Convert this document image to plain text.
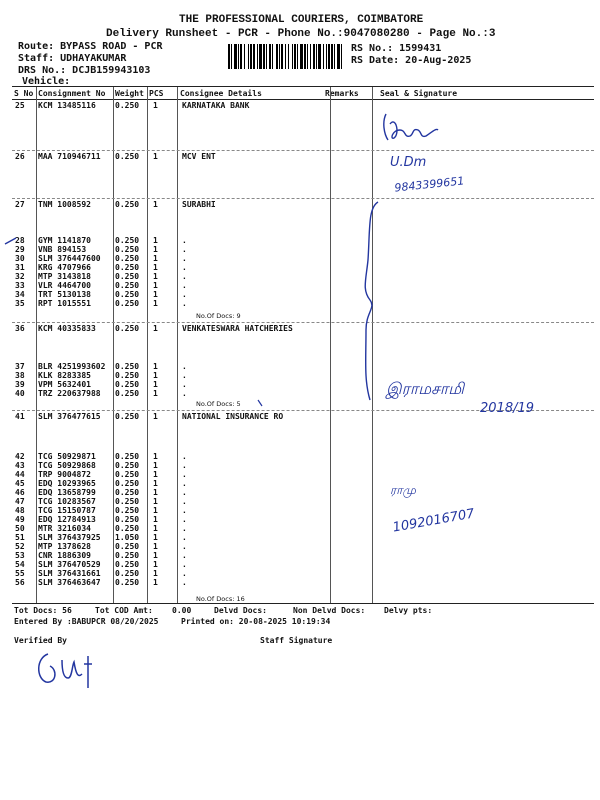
THE PROFESSIONAL COURIERS, COIMBATORE
Delivery Runsheet - PCR - Phone No.:9047080280 - Page No.:3
Route: BYPASS ROAD - PCR
Staff: UDHAYAKUMAR
DRS No.: DCJB159943103
Vehicle:
RS No.: 1599431
RS Date: 20-Aug-2025
S No Consignment No Weight PCS Consignee Details	Remarks	Seal & Signature
25 KCM 13485116 0.250 1	KARNATAKA BANK
26 MAA 710946711 0.250 1	MCV ENT
27 TNM 1008592	0.250 1	SURABHI
28 GYM 1141870	0.250 1	.
29 VNB 894153	0.250 1	.
30 SLM 376447600 0.250 1	.
31 KRG 4707966	0.250 1	.
32 MTP 3143818	0.250 1	.
33 VLR 4464700	0.250 1	.
34 TRT 5130138	0.250 1	.
35 RPT 1015551	0.250 1	.
36 KCM 40335833 0.250 1	VENKATESWARA HATCHERIES
37 BLR 4251993602 0.250 1	.
38 KLK 8283385	0.250 1	.
39 VPM 5632401	0.250 1	.
40 TRZ 220637988 0.250 1	.
41 SLM 376477615 0.250 1	NATIONAL INSURANCE RO
42 TCG 50929871 0.250 1	.
43 TCG 50929868 0.250 1	.
44 TRP 9004872	0.250 1	.
45 EDQ 10293965 0.250 1	.
46 EDQ 13658799 0.250 1	.
47 TCG 10283567 0.250 1	.
48 TCG 15150787 0.250 1	.
49 EDQ 12784913 0.250 1	.
50 MTR 3216034	0.250 1	.
51 SLM 376437925 1.050 1	.
52 MTP 1378628	0.250 1	.
53 CNR 1886309	0.250 1	.
54 SLM 376470529 0.250 1	.
55 SLM 376431661 0.250 1	.
56 SLM 376463647 0.250 1	.
No.Of Docs: 9
No.Of Docs: 5
No.Of Docs: 16
Tot Docs: 56	Tot COD Amt: 0.00	Delvd Docs:	Non Delvd Docs: Delvy pts:
Entered By :BABUPCR 08/20/2025	Printed on: 20-08-2025 10:19:34
Verified By	Staff Signature
U.Dm
9843399651
இராமசாமி
2018/19
ராமு
1092016707
